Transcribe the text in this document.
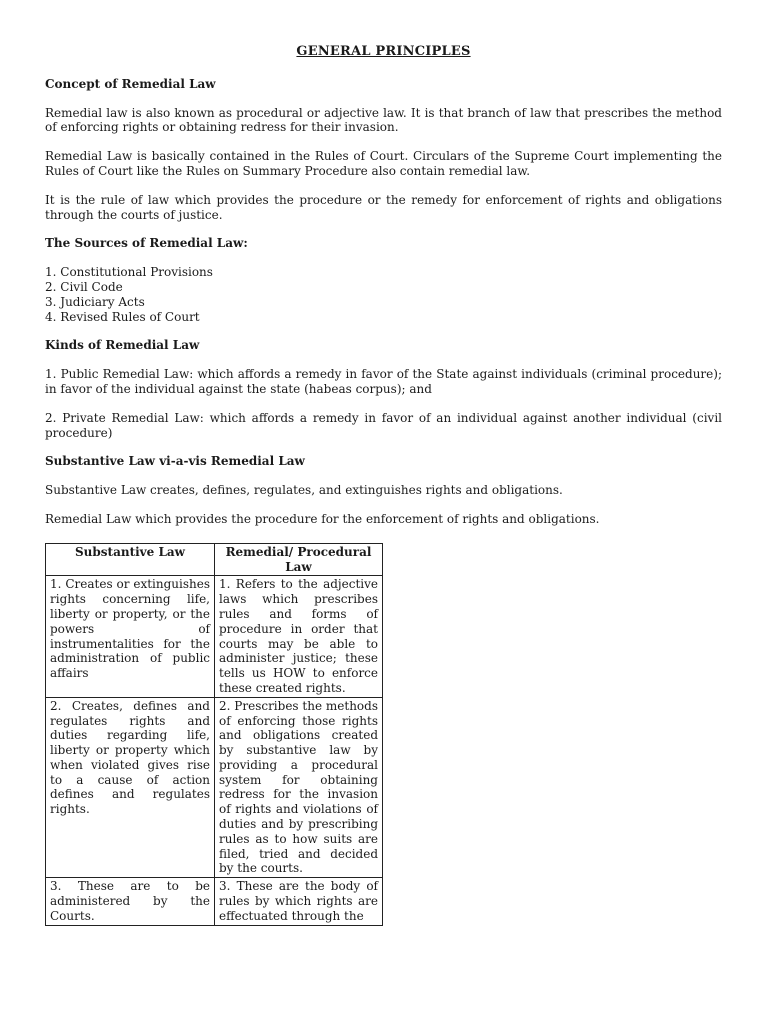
GENERAL PRINCIPLES
Concept of Remedial Law

Remedial law is also known as procedural or adjective law. It is that branch of law that prescribes the method of enforcing rights or obtaining redress for their invasion.

Remedial Law is basically contained in the Rules of Court. Circulars of the Supreme Court implementing the Rules of Court like the Rules on Summary Procedure also contain remedial law.

It is the rule of law which provides the procedure or the remedy for enforcement of rights and obligations through the courts of justice.

The Sources of Remedial Law:
1. Constitutional Provisions
2. Civil Code
3. Judiciary Acts
4. Revised Rules of Court
Kinds of Remedial Law

1. Public Remedial Law: which affords a remedy in favor of the State against individuals (criminal procedure); in favor of the individual against the state (habeas corpus); and

2. Private Remedial Law: which affords a remedy in favor of an individual against another individual (civil procedure)

Substantive Law vi-a-vis Remedial Law

Substantive Law creates, defines, regulates, and extinguishes rights and obligations.

Remedial Law which provides the procedure for the enforcement of rights and obligations.

Substantive Law	Remedial/ Procedural Law
1. Creates or extinguishes rights concerning life, liberty or property, or the powers of instrumentalities for the administration of public affairs	1. Refers to the adjective laws which prescribes rules and forms of procedure in order that courts may be able to administer justice; these tells us HOW to enforce these created rights.
2. Creates, defines and regulates rights and duties regarding life, liberty or property which when violated gives rise to a cause of action defines and regulates rights.	2. Prescribes the methods of enforcing those rights and obligations created by substantive law by providing a procedural system for obtaining redress for the invasion of rights and violations of duties and by prescribing rules as to how suits are filed, tried and decided by the courts.
3. These are to be administered by the Courts.	3. These are the body of rules by which rights are effectuated through the
